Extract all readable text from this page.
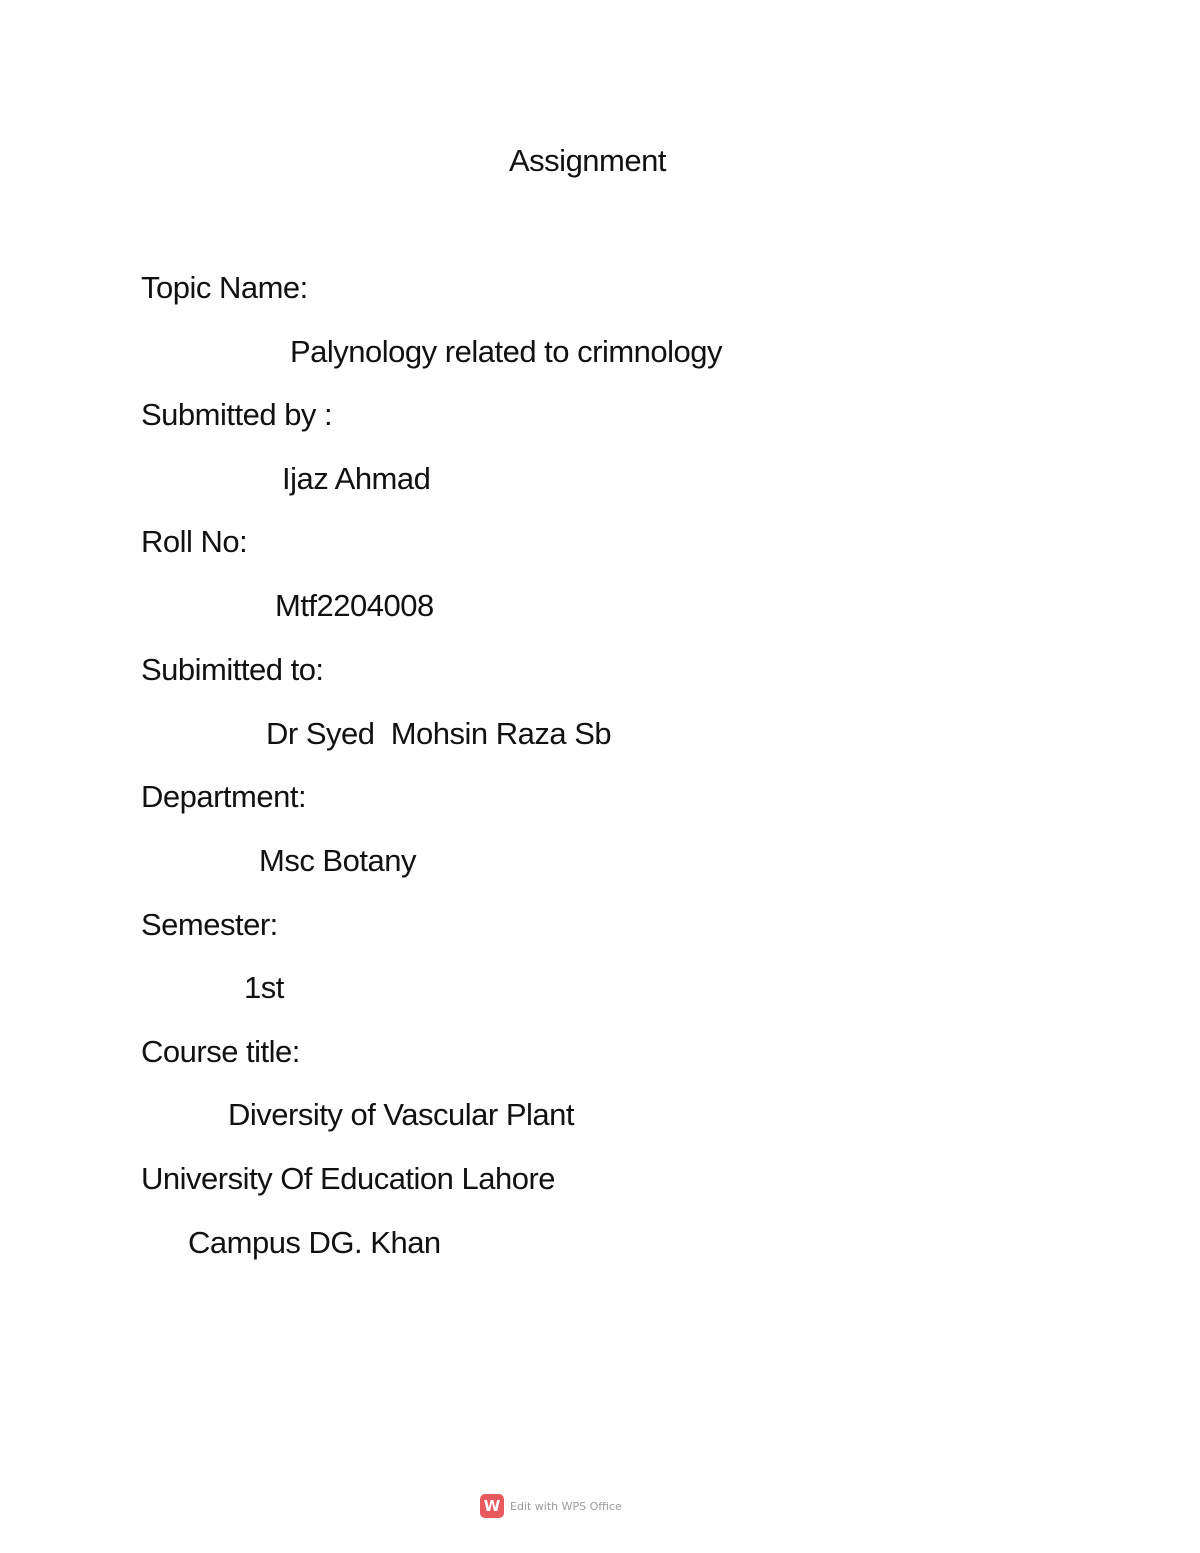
Assignment
Topic Name:
Palynology related to crimnology
Submitted by :
Ijaz Ahmad
Roll No:
Mtf2204008
Subimitted to:
Dr Syed  Mohsin Raza Sb
Department:
Msc Botany
Semester:
1st
Course title:
Diversity of Vascular Plant
University Of Education Lahore
Campus DG. Khan
W Edit with WPS Office
